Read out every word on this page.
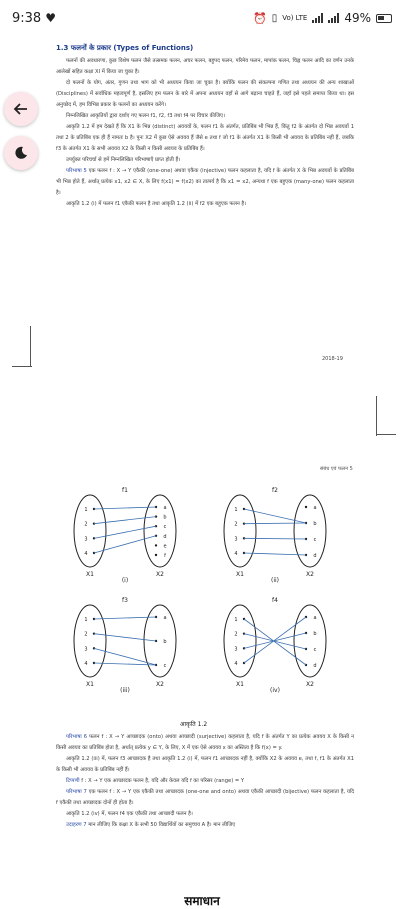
9:38 ♥	⏰ ▯ Vo) LTE	49%
1.3 फलनों के प्रकार (Types of Functions)

फलनों की अवधारणा, कुछ विशेष फलन जैसे तत्समक फलन, अचर फलन, बहुपद फलन, परिमेय फलन, मापांक फलन, चिह्न फलन आदि का वर्णन उनके आलेखों सहित कक्षा XI में किया जा चुका है।

दो फलनों के योग, अंतर, गुणन तथा भाग को भी अध्ययन किया जा चुका है। क्योंकि फलन की संकल्पना गणित तथा अध्ययन की अन्य शाखाओं (Disciplines) में सर्वाधिक महत्वपूर्ण है, इसलिए हम फलन के बारे में अपना अध्ययन वहाँ से आगे बढ़ाना चाहते हैं, जहाँ इसे पहले समाप्त किया था। इस अनुच्छेद में, हम विभिन्न प्रकार के फलनों का अध्ययन करेंगे।

निम्नलिखित आकृतियों द्वारा दर्शाए गए फलन f1, f2, f3 तथा f4 पर विचार कीजिए।

आकृति 1.2 में हम देखते हैं कि X1 के भिन्न (distinct) अवयवों के, फलन f1 के अंतर्गत, प्रतिबिंब भी भिन्न हैं, किंतु f2 के अंतर्गत दो भिन्न अवयवों 1 तथा 2 के प्रतिबिंब एक ही हैं नामतः b है। पुनः X2 में कुछ ऐसे अवयव हैं जैसे e तथा f जो f1 के अंतर्गत X1 के किसी भी अवयव के प्रतिबिंब नहीं हैं, जबकि f3 के अंतर्गत X1 के सभी अवयव X2 के किसी न किसी अवयव के प्रतिबिंब हैं।

उपर्युक्त परिचर्चा से हमें निम्नलिखित परिभाषाएँ प्राप्त होती हैं।

परिभाषा 5 एक फलन f : X → Y एकैकी (one-one) अथवा एकैक (injective) फलन कहलाता है, यदि f के अंतर्गत X के भिन्न अवयवों के प्रतिबिंब भी भिन्न होते हैं, अर्थात् प्रत्येक x1, x2 ∈ X, के लिए f(x1) = f(x2) का तात्पर्य है कि x1 = x2, अन्यथा f एक बहुएक (many-one) फलन कहलाता है।

आकृति 1.2 (i) में फलन f1 एकैकी फलन है तथा आकृति 1.2 (ii) में f2 एक बहुएक फलन है।

2018-19
संबंध एवं फलन 5
1
2
3
4
a
b
c
d
e
f
f1
X1	X2
(i)
1
2
3
4
a
b
c
d
f2
X1	X2
(ii)
1
2
3
4
a
b
c
f3
X1	X2
(iii)
1
2
3
4
a
b
c
d
f4
X1	X2
(iv)
आकृति 1.2

परिभाषा 6 फलन f : X → Y आच्छादक (onto) अथवा आच्छादी (surjective) कहलाता है, यदि f के अंतर्गत Y का प्रत्येक अवयव X के किसी न किसी अवयव का प्रतिबिंब होता है, अर्थात् प्रत्येक y ∈ Y, के लिए, X में एक ऐसे अवयव x का अस्तित्व है कि f(x) = y.

आकृति 1.2 (iii) में, फलन f3 आच्छादक है तथा आकृति 1.2 (i) में, फलन f1 आच्छादक नहीं है, क्योंकि X2 के अवयव e, तथा f, f1 के अंतर्गत X1 के किसी भी अवयव के प्रतिबिंब नहीं हैं।

टिप्पणी f : X → Y एक आच्छादक फलन है, यदि और केवल यदि f का परिसर (range) = Y

परिभाषा 7 एक फलन f : X → Y एक एकैकी तथा आच्छादक (one-one and onto) अथवा एकैकी आच्छादी (bijective) फलन कहलाता है, यदि f एकैकी तथा आच्छादक दोनों ही होता है।

आकृति 1.2 (iv) में, फलन f4 एक एकैकी तथा आच्छादी फलन है।

उदाहरण 7 मान लीजिए कि कक्षा X के सभी 50 विद्यार्थियों का समुच्चय A है। मान लीजिए

समाधान
